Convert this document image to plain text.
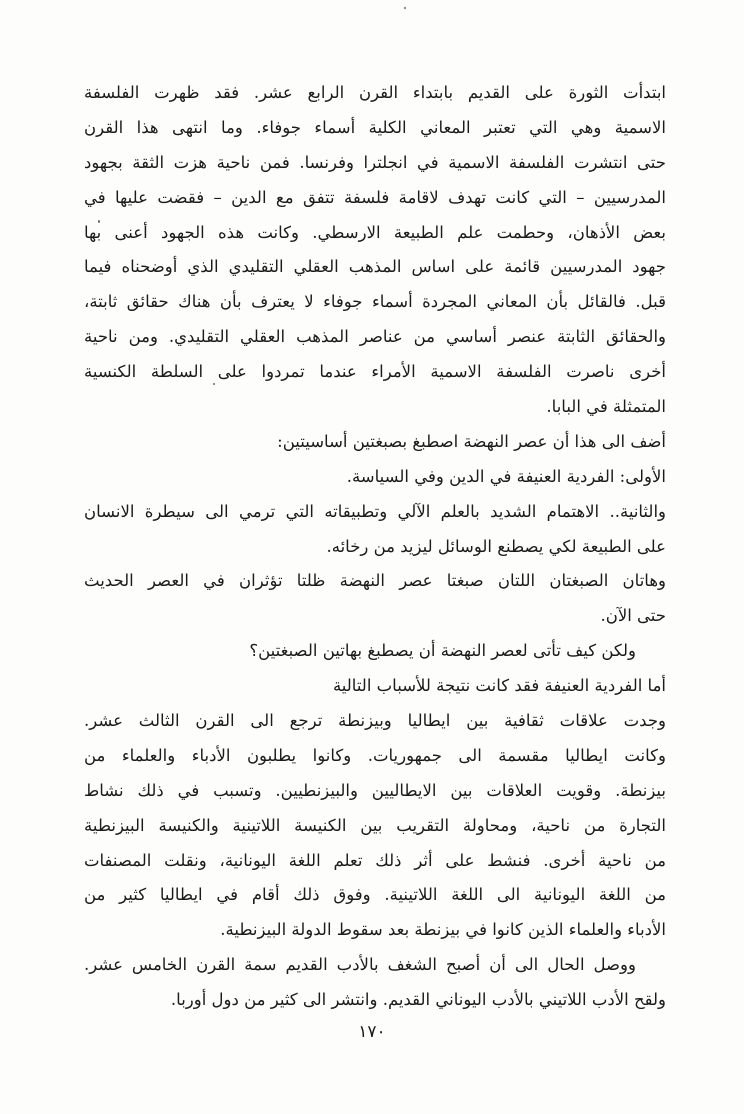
ابتدأت الثورة على القديم بابتداء القرن الرابع عشر. فقد ظهرت الفلسفة
الاسمية وهي التي تعتبر المعاني الكلية أسماء جوفاء. وما انتهى هذا القرن
حتى انتشرت الفلسفة الاسمية في انجلترا وفرنسا. فمن ناحية هزت الثقة بجهود
المدرسيين – التي كانت تهدف لاقامة فلسفة تتفق مع الدين – فقضت عليها في
بعض الأذهان، وحطمت علم الطبيعة الارسطي. وكانت هذه الجهود أعنى بها
جهود المدرسيين قائمة على اساس المذهب العقلي التقليدي الذي أوضحناه فيما
قبل. فالقائل بأن المعاني المجردة أسماء جوفاء لا يعترف بأن هناك حقائق ثابتة،
والحقائق الثابتة عنصر أساسي من عناصر المذهب العقلي التقليدي. ومن ناحية
أخرى ناصرت الفلسفة الاسمية الأمراء عندما تمردوا على السلطة الكنسية
المتمثلة في البابا.
أضف الى هذا أن عصر النهضة اصطبغ بصبغتين أساسيتين:
الأولى: الفردية العنيفة في الدين وفي السياسة.
والثانية.. الاهتمام الشديد بالعلم الآلي وتطبيقاته التي ترمي الى سيطرة الانسان
على الطبيعة لكي يصطنع الوسائل ليزيد من رخائه.
وهاتان الصبغتان اللتان صبغتا عصر النهضة ظلتا تؤثران في العصر الحديث
حتى الآن.
ولكن كيف تأتى لعصر النهضة أن يصطبغ بهاتين الصبغتين؟
أما الفردية العنيفة فقد كانت نتيجة للأسباب التالية
وجدت علاقات ثقافية بين ايطاليا وبيزنطة ترجع الى القرن الثالث عشر.
وكانت ايطاليا مقسمة الى جمهوريات. وكانوا يطلبون الأدباء والعلماء من
بيزنطة. وقويت العلاقات بين الايطاليين والبيزنطيين. وتسبب في ذلك نشاط
التجارة من ناحية، ومحاولة التقريب بين الكنيسة اللاتينية والكنيسة البيزنطية
من ناحية أخرى. فنشط على أثر ذلك تعلم اللغة اليونانية، ونقلت المصنفات
من اللغة اليونانية الى اللغة اللاتينية. وفوق ذلك أقام في ايطاليا كثير من
الأدباء والعلماء الذين كانوا في بيزنطة بعد سقوط الدولة البيزنطية.
ووصل الحال الى أن أصبح الشغف بالأدب القديم سمة القرن الخامس عشر.
ولقح الأدب اللاتيني بالأدب اليوناني القديم. وانتشر الى كثير من دول أوربا.
١٧٠
